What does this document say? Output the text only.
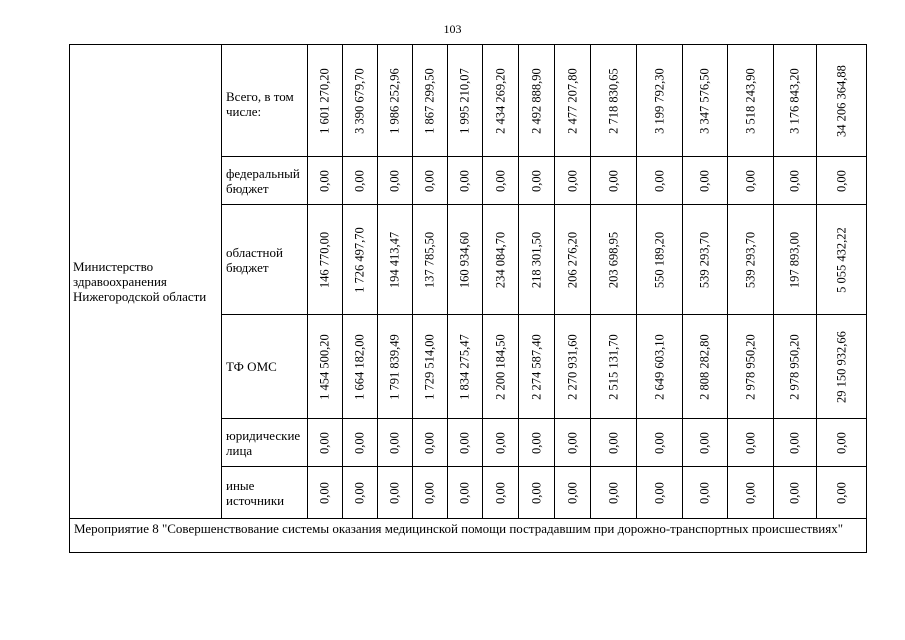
103
Министерство здравоохранения Нижегородской области	Всего, в том числе:	1 601 270,20	3 390 679,70	1 986 252,96	1 867 299,50	1 995 210,07	2 434 269,20	2 492 888,90	2 477 207,80	2 718 830,65	3 199 792,30	3 347 576,50	3 518 243,90	3 176 843,20	34 206 364,88

	федеральный бюджет	0,00	0,00	0,00	0,00	0,00	0,00	0,00	0,00	0,00	0,00	0,00	0,00	0,00	0,00

	областной бюджет	146 770,00	1 726 497,70	194 413,47	137 785,50	160 934,60	234 084,70	218 301,50	206 276,20	203 698,95	550 189,20	539 293,70	539 293,70	197 893,00	5 055 432,22

	ТФ ОМС	1 454 500,20	1 664 182,00	1 791 839,49	1 729 514,00	1 834 275,47	2 200 184,50	2 274 587,40	2 270 931,60	2 515 131,70	2 649 603,10	2 808 282,80	2 978 950,20	2 978 950,20	29 150 932,66

	юридические лица	0,00	0,00	0,00	0,00	0,00	0,00	0,00	0,00	0,00	0,00	0,00	0,00	0,00	0,00

	иные источники	0,00	0,00	0,00	0,00	0,00	0,00	0,00	0,00	0,00	0,00	0,00	0,00	0,00	0,00

Мероприятие 8 "Совершенствование системы оказания медицинской помощи пострадавшим при дорожно-транспортных происшествиях"															
